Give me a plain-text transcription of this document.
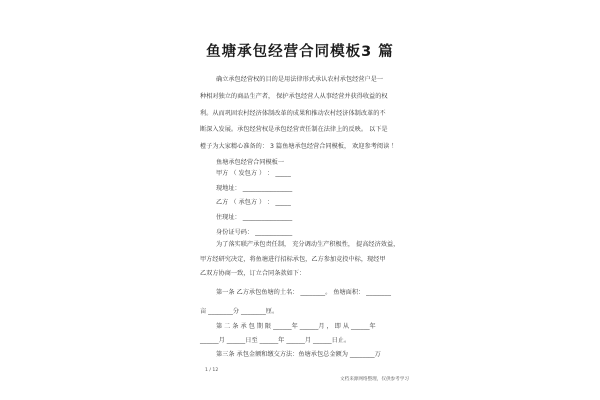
鱼塘承包经营合同模板3 篇
确立承包经营权的目的是用法律形式承认农村承包经营户是一
种相对独立的商品生产者， 保护承包经营人从事经营并获得收益的权
利。从而巩固农村经济体制改革的成果和推动农村经济体制改革的不
断深入发展。承包经营权是承包经营责任制在法律上的反映。 以下是
橙子为大家精心准备的： 3 篇鱼塘承包经营合同模板， 欢迎参考阅读 ！
鱼塘承包经营合同模板一
甲方 （ 发包方 ） ： _____
现地址： ________________
乙方 （ 承包方 ） ： _____
住现址： ________________
身份证号码： ____________
为了落实联产承包责任制， 充分调动生产积极性， 提高经济效益，
甲方经研究决定，将鱼塘进行招标承包，乙方参加竞投中标，现经甲
乙双方协商一致，订立合同条款如下：
第一条 乙方承包鱼塘的土名： ________。 鱼塘面积： ________
亩 ________分 ________厘。
第 二 条 承 包 期 限 ______年 ______月 ， 即 从 ______年
______月 ______日至 ______年 ______月 ______日止。
第三条 承包金额和缴交方法：鱼塘承包总金额为 ________万
1 / 12
文档来源网络整理，仅供参考学习
